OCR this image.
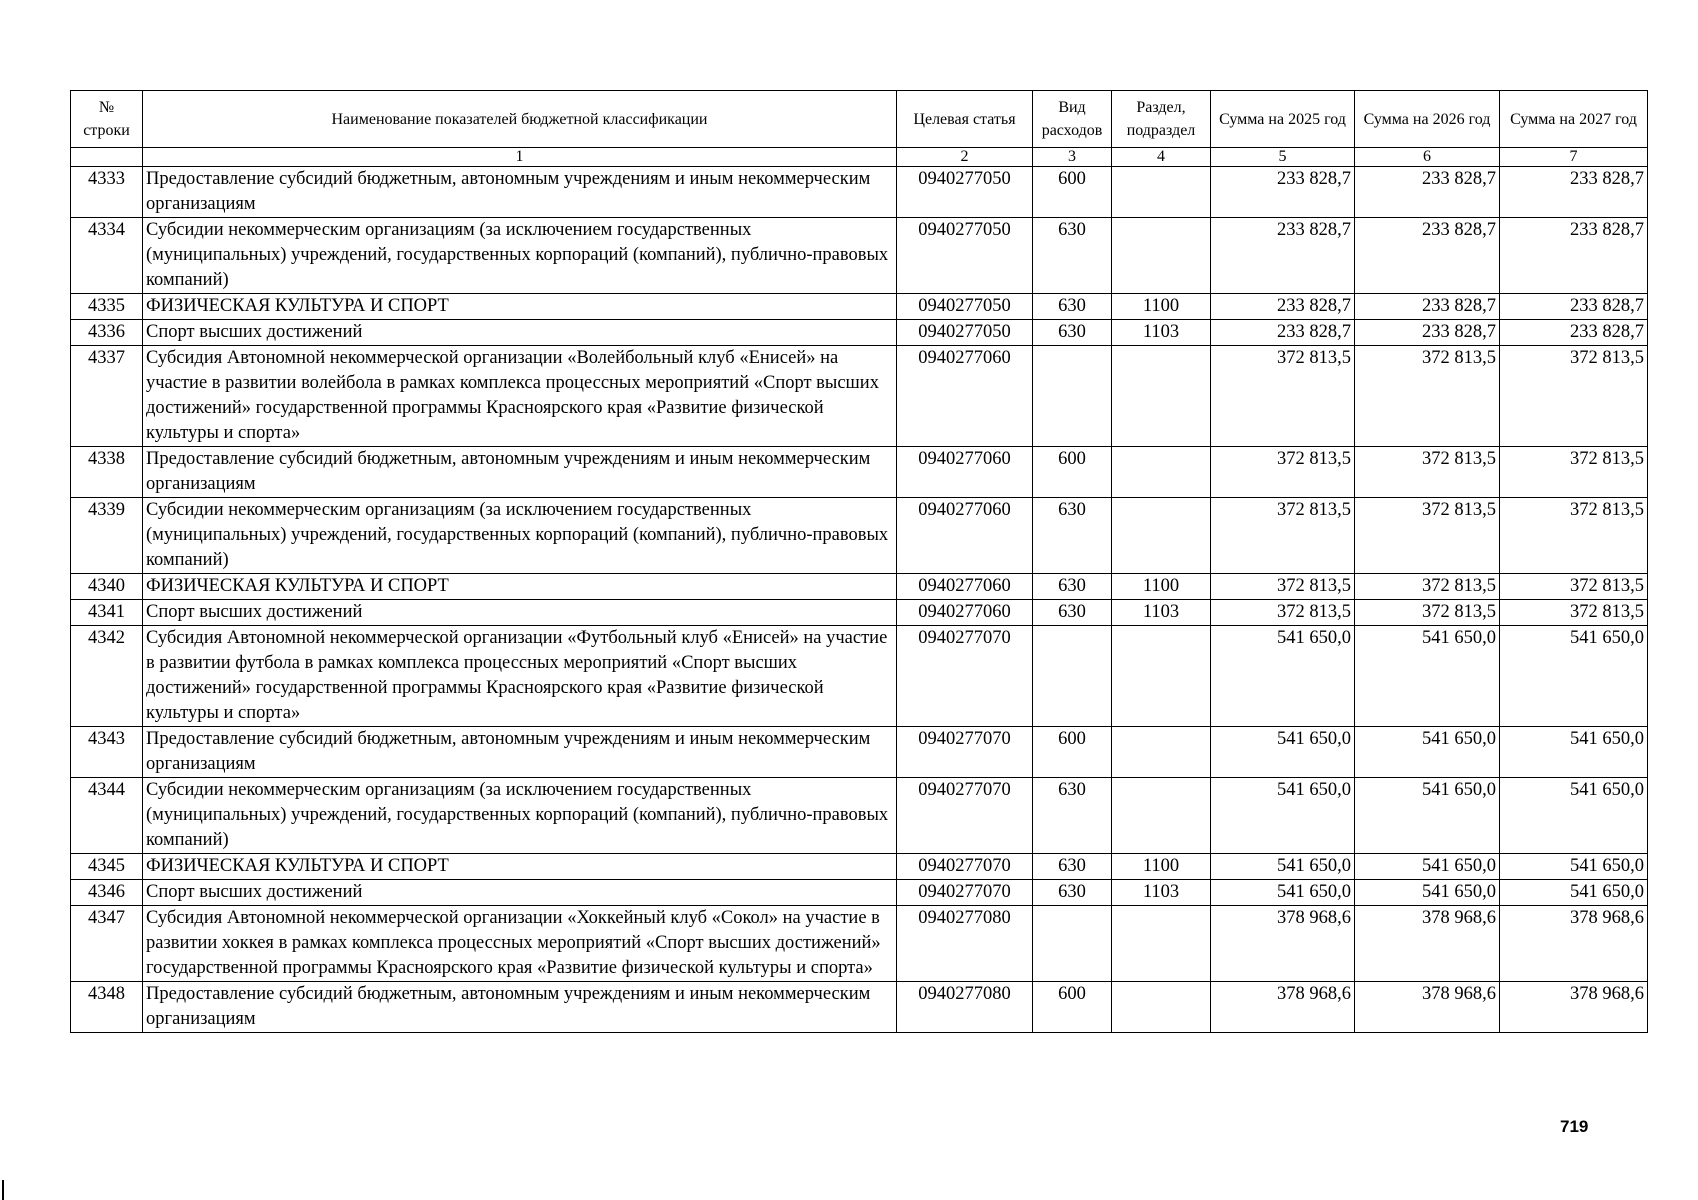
№ строки	Наименование показателей бюджетной классификации	Целевая статья	Вид расходов	Раздел, подраздел	Сумма на 2025 год	Сумма на 2026 год	Сумма на 2027 год
	1	2	3	4	5	6	7
4333	Предоставление субсидий бюджетным, автономным учреждениям и иным некоммерческим организациям	0940277050	600		233 828,7	233 828,7	233 828,7
4334	Субсидии некоммерческим организациям (за исключением государственных (муниципальных) учреждений, государственных корпораций (компаний), публично-правовых компаний)	0940277050	630		233 828,7	233 828,7	233 828,7
4335	ФИЗИЧЕСКАЯ КУЛЬТУРА И СПОРТ	0940277050	630	1100	233 828,7	233 828,7	233 828,7
4336	Спорт высших достижений	0940277050	630	1103	233 828,7	233 828,7	233 828,7
4337	Субсидия Автономной некоммерческой организации «Волейбольный клуб «Енисей» на участие в развитии волейбола в рамках комплекса процессных мероприятий «Спорт высших достижений» государственной программы Красноярского края «Развитие физической культуры и спорта»	0940277060			372 813,5	372 813,5	372 813,5
4338	Предоставление субсидий бюджетным, автономным учреждениям и иным некоммерческим организациям	0940277060	600		372 813,5	372 813,5	372 813,5
4339	Субсидии некоммерческим организациям (за исключением государственных (муниципальных) учреждений, государственных корпораций (компаний), публично-правовых компаний)	0940277060	630		372 813,5	372 813,5	372 813,5
4340	ФИЗИЧЕСКАЯ КУЛЬТУРА И СПОРТ	0940277060	630	1100	372 813,5	372 813,5	372 813,5
4341	Спорт высших достижений	0940277060	630	1103	372 813,5	372 813,5	372 813,5
4342	Субсидия Автономной некоммерческой организации «Футбольный клуб «Енисей» на участие в развитии футбола в рамках комплекса процессных мероприятий «Спорт высших достижений» государственной программы Красноярского края «Развитие физической культуры и спорта»	0940277070			541 650,0	541 650,0	541 650,0
4343	Предоставление субсидий бюджетным, автономным учреждениям и иным некоммерческим организациям	0940277070	600		541 650,0	541 650,0	541 650,0
4344	Субсидии некоммерческим организациям (за исключением государственных (муниципальных) учреждений, государственных корпораций (компаний), публично-правовых компаний)	0940277070	630		541 650,0	541 650,0	541 650,0
4345	ФИЗИЧЕСКАЯ КУЛЬТУРА И СПОРТ	0940277070	630	1100	541 650,0	541 650,0	541 650,0
4346	Спорт высших достижений	0940277070	630	1103	541 650,0	541 650,0	541 650,0
4347	Субсидия Автономной некоммерческой организации «Хоккейный клуб «Сокол» на участие в развитии хоккея в рамках комплекса процессных мероприятий «Спорт высших достижений» государственной программы Красноярского края «Развитие физической культуры и спорта»	0940277080			378 968,6	378 968,6	378 968,6
4348	Предоставление субсидий бюджетным, автономным учреждениям и иным некоммерческим организациям	0940277080	600		378 968,6	378 968,6	378 968,6
719
